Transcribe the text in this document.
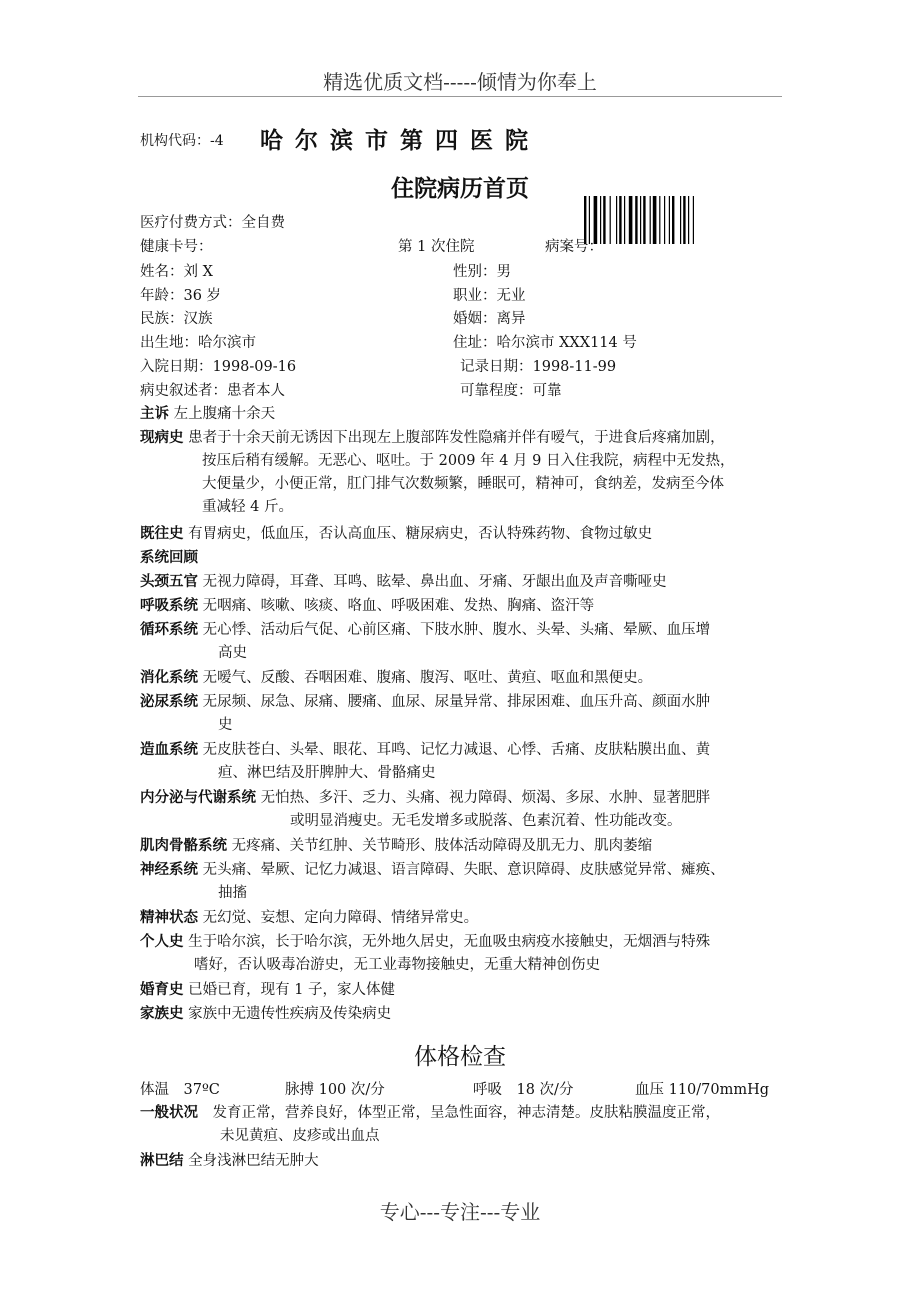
精选优质文档-----倾情为你奉上
机构代码：-4 哈尔滨市第四医院
住院病历首页
医疗付费方式：全自费
健康卡号：	第 1 次住院	病案号：
姓名：刘 X	性别：男
年龄：36 岁	职业：无业
民族：汉族	婚姻：离异
出生地：哈尔滨市	住址：哈尔滨市 XXX114 号
入院日期：1998-09-16	记录日期：1998-11-99
病史叙述者：患者本人	可靠程度：可靠
主诉 左上腹痛十余天
现病史 患者于十余天前无诱因下出现左上腹部阵发性隐痛并伴有嗳气，于进食后疼痛加剧，
按压后稍有缓解。无恶心、呕吐。于 2009 年 4 月 9 日入住我院，病程中无发热，
大便量少，小便正常，肛门排气次数频繁，睡眠可，精神可，食纳差，发病至今体
重减轻 4 斤。
既往史 有胃病史，低血压，否认高血压、糖尿病史，否认特殊药物、食物过敏史
系统回顾
头颈五官 无视力障碍，耳聋、耳鸣、眩晕、鼻出血、牙痛、牙龈出血及声音嘶哑史
呼吸系统 无咽痛、咳嗽、咳痰、咯血、呼吸困难、发热、胸痛、盗汗等
循环系统 无心悸、活动后气促、心前区痛、下肢水肿、腹水、头晕、头痛、晕厥、血压增
高史
消化系统 无嗳气、反酸、吞咽困难、腹痛、腹泻、呕吐、黄疸、呕血和黑便史。
泌尿系统 无尿频、尿急、尿痛、腰痛、血尿、尿量异常、排尿困难、血压升高、颜面水肿
史
造血系统 无皮肤苍白、头晕、眼花、耳鸣、记忆力减退、心悸、舌痛、皮肤粘膜出血、黄
疸、淋巴结及肝脾肿大、骨骼痛史
内分泌与代谢系统 无怕热、多汗、乏力、头痛、视力障碍、烦渴、多尿、水肿、显著肥胖
或明显消瘦史。无毛发增多或脱落、色素沉着、性功能改变。
肌肉骨骼系统 无疼痛、关节红肿、关节畸形、肢体活动障碍及肌无力、肌肉萎缩
神经系统 无头痛、晕厥、记忆力减退、语言障碍、失眠、意识障碍、皮肤感觉异常、瘫痪、
抽搐
精神状态 无幻觉、妄想、定向力障碍、情绪异常史。
个人史 生于哈尔滨，长于哈尔滨，无外地久居史，无血吸虫病疫水接触史，无烟酒与特殊
嗜好，否认吸毒冶游史，无工业毒物接触史，无重大精神创伤史
婚育史 已婚已育，现有 1 子，家人体健
家族史 家族中无遗传性疾病及传染病史
体格检查
体温　37ºC	脉搏 100 次/分	呼吸　18 次/分	血压 110/70mmHg
一般状况　 发育正常，营养良好，体型正常，呈急性面容，神志清楚。皮肤粘膜温度正常，
未见黄疸、皮疹或出血点
淋巴结 全身浅淋巴结无肿大
专心---专注---专业
